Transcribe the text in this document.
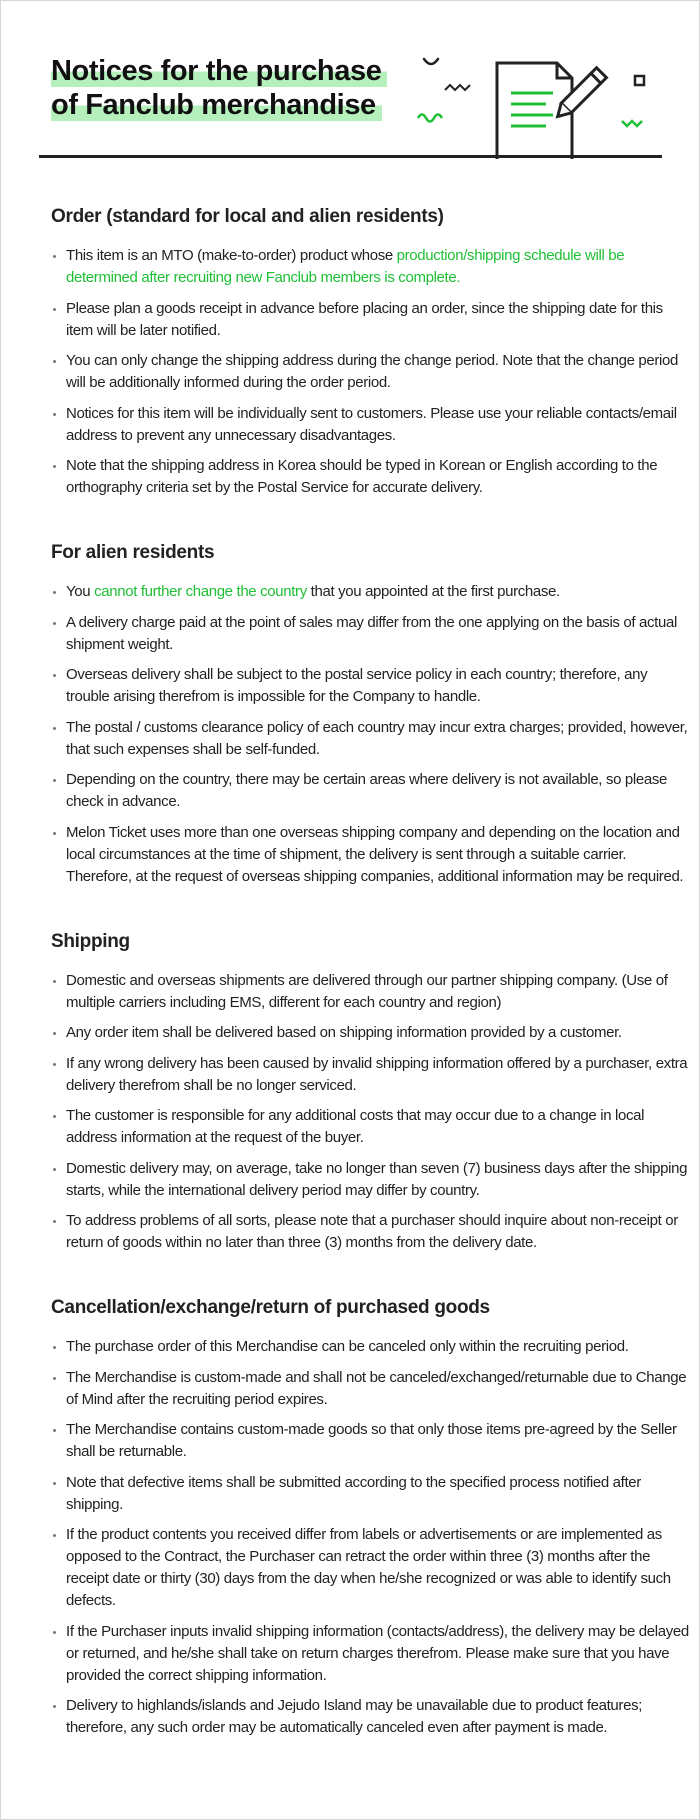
Notices for the purchase
of Fanclub merchandise
Order (standard for local and alien residents)
This item is an MTO (make-to-order) product whose production/shipping schedule will be determined after recruiting new Fanclub members is complete.
Please plan a goods receipt in advance before placing an order, since the shipping date for this item will be later notified.
You can only change the shipping address during the change period. Note that the change period will be additionally informed during the order period.
Notices for this item will be individually sent to customers. Please use your reliable contacts/email address to prevent any unnecessary disadvantages.
Note that the shipping address in Korea should be typed in Korean or English according to the orthography criteria set by the Postal Service for accurate delivery.
For alien residents
You cannot further change the country that you appointed at the first purchase.
A delivery charge paid at the point of sales may differ from the one applying on the basis of actual shipment weight.
Overseas delivery shall be subject to the postal service policy in each country; therefore, any trouble arising therefrom is impossible for the Company to handle.
The postal / customs clearance policy of each country may incur extra charges; provided, however, that such expenses shall be self-funded.
Depending on the country, there may be certain areas where delivery is not available, so please check in advance.
Melon Ticket uses more than one overseas shipping company and depending on the location and local circumstances at the time of shipment, the delivery is sent through a suitable carrier. Therefore, at the request of overseas shipping companies, additional information may be required.
Shipping
Domestic and overseas shipments are delivered through our partner shipping company. (Use of multiple carriers including EMS, different for each country and region)
Any order item shall be delivered based on shipping information provided by a customer.
If any wrong delivery has been caused by invalid shipping information offered by a purchaser, extra delivery therefrom shall be no longer serviced.
The customer is responsible for any additional costs that may occur due to a change in local address information at the request of the buyer.
Domestic delivery may, on average, take no longer than seven (7) business days after the shipping starts, while the international delivery period may differ by country.
To address problems of all sorts, please note that a purchaser should inquire about non-receipt or return of goods within no later than three (3) months from the delivery date.
Cancellation/exchange/return of purchased goods
The purchase order of this Merchandise can be canceled only within the recruiting period.
The Merchandise is custom-made and shall not be canceled/exchanged/returnable due to Change of Mind after the recruiting period expires.
The Merchandise contains custom-made goods so that only those items pre-agreed by the Seller shall be returnable.
Note that defective items shall be submitted according to the specified process notified after shipping.
If the product contents you received differ from labels or advertisements or are implemented as opposed to the Contract, the Purchaser can retract the order within three (3) months after the receipt date or thirty (30) days from the day when he/she recognized or was able to identify such defects.
If the Purchaser inputs invalid shipping information (contacts/address), the delivery may be delayed or returned, and he/she shall take on return charges therefrom. Please make sure that you have provided the correct shipping information.
Delivery to highlands/islands and Jejudo Island may be unavailable due to product features; therefore, any such order may be automatically canceled even after payment is made.
